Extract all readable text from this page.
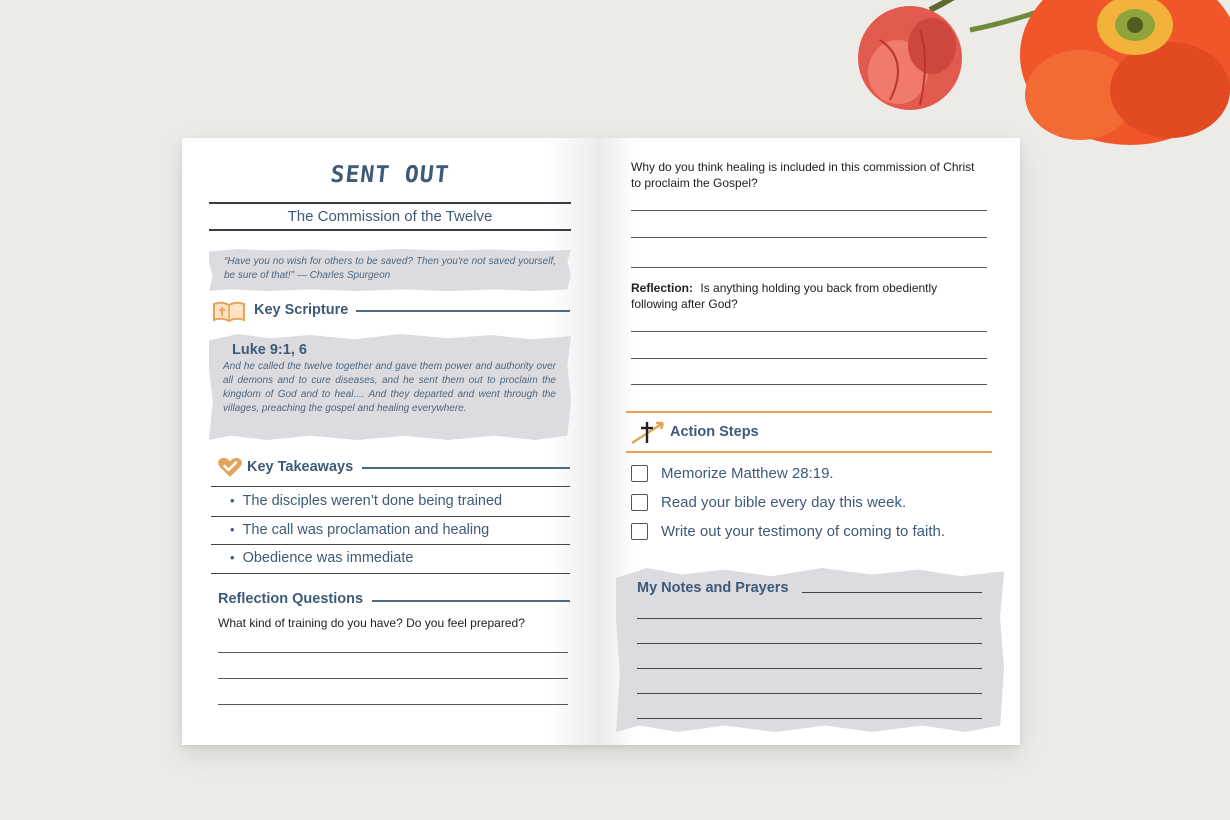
SENT OUT
The Commission of the Twelve
“Have you no wish for others to be saved? Then you're not saved yourself, be sure of that!” — Charles Spurgeon
Key Scripture
Luke 9:1, 6
And he called the twelve together and gave them power and authority over all demons and to cure diseases, and he sent them out to proclaim the kingdom of God and to heal.... And they departed and went through the villages, preaching the gospel and healing everywhere.
Key Takeaways
• The disciples weren’t done being trained
• The call was proclamation and healing
• Obedience was immediate
Reflection Questions
What kind of training do you have? Do you feel prepared?
Why do you think healing is included in this commission of Christ to proclaim the Gospel?
Reflection: Is anything holding you back from obediently following after God?
Action Steps
Memorize Matthew 28:19.
Read your bible every day this week.
Write out your testimony of coming to faith.
My Notes and Prayers
